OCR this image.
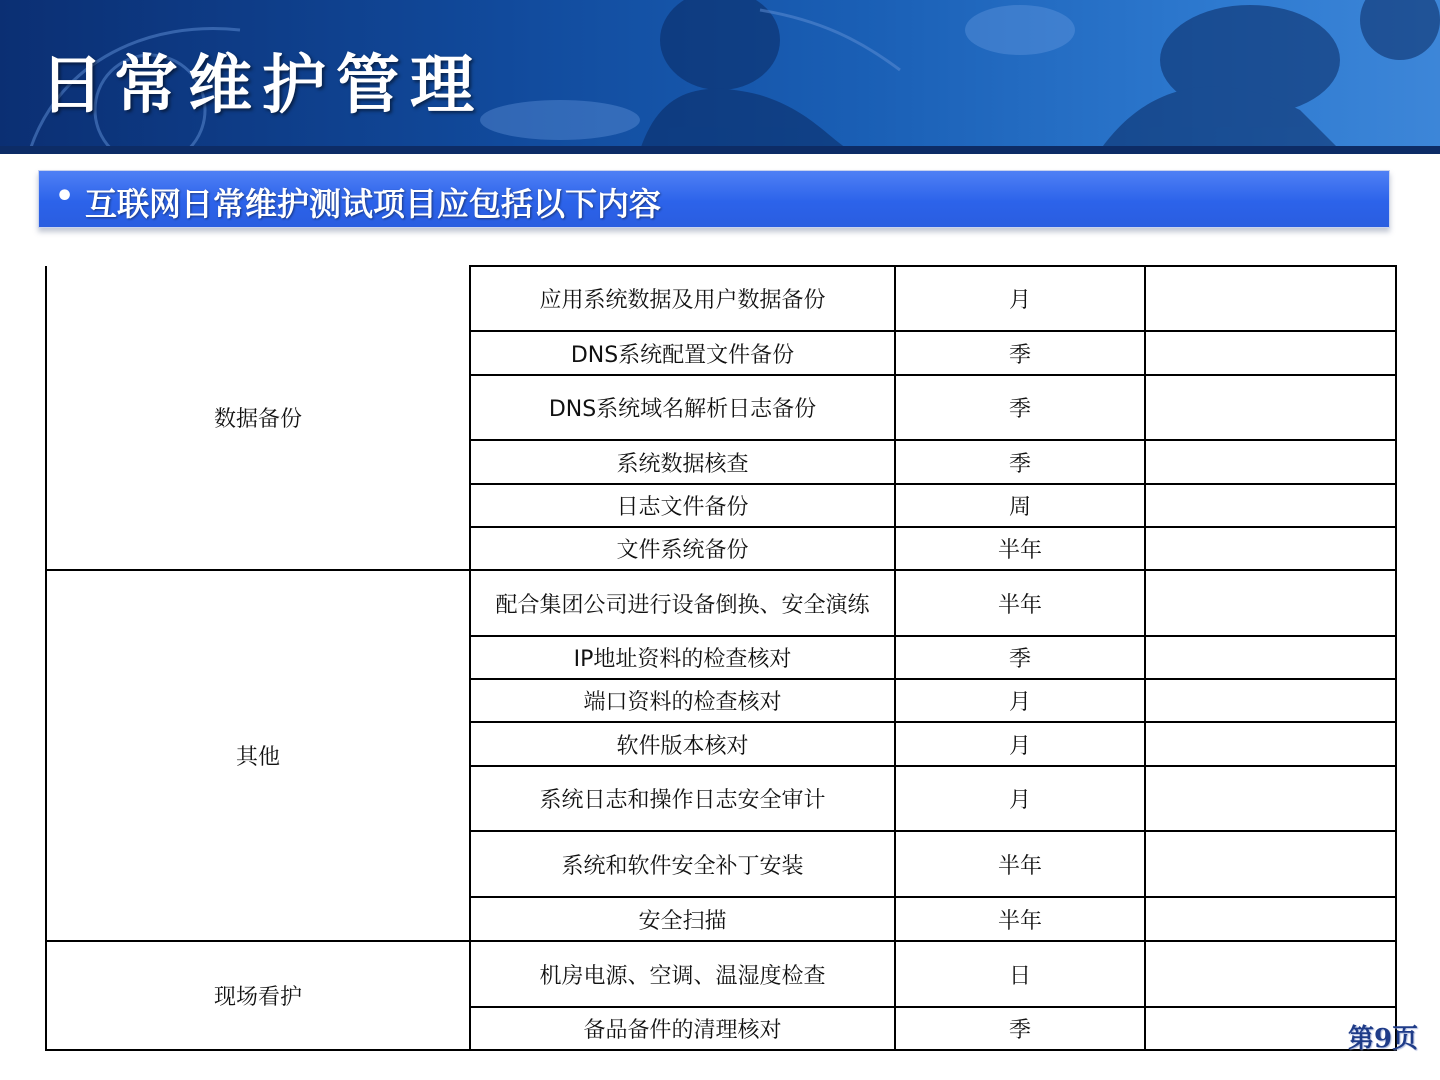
日常维护管理
• 互联网日常维护测试项目应包括以下内容
数据备份	应用系统数据及用户数据备份	月	
	DNS系统配置文件备份	季	
	DNS系统域名解析日志备份	季	
	系统数据核查	季	
	日志文件备份	周	
	文件系统备份	半年	
其他	配合集团公司进行设备倒换、安全演练	半年	
	IP地址资料的检查核对	季	
	端口资料的检查核对	月	
	软件版本核对	月	
	系统日志和操作日志安全审计	月	
	系统和软件安全补丁安装	半年	
	安全扫描	半年	
现场看护	机房电源、空调、温湿度检查	日	
	备品备件的清理核对	季		第9页
